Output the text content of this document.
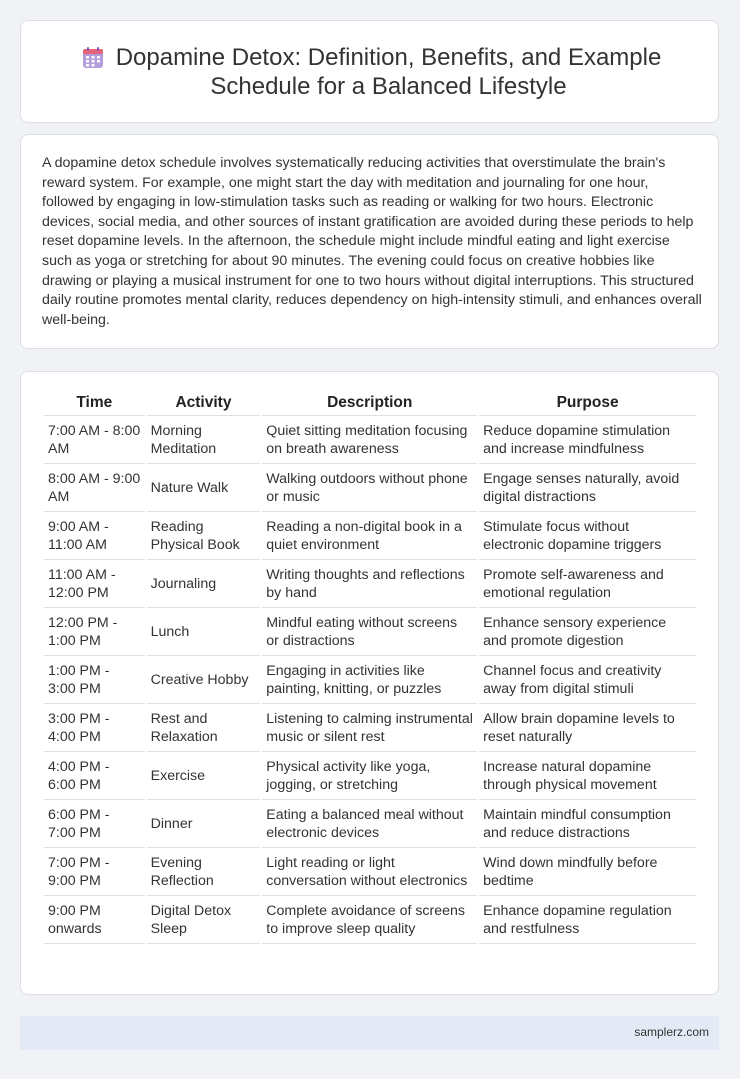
Dopamine Detox: Definition, Benefits, and Example Schedule for a Balanced Lifestyle

A dopamine detox schedule involves systematically reducing activities that overstimulate the brain's reward system. For example, one might start the day with meditation and journaling for one hour, followed by engaging in low-stimulation tasks such as reading or walking for two hours. Electronic devices, social media, and other sources of instant gratification are avoided during these periods to help reset dopamine levels. In the afternoon, the schedule might include mindful eating and light exercise such as yoga or stretching for about 90 minutes. The evening could focus on creative hobbies like drawing or playing a musical instrument for one to two hours without digital interruptions. This structured daily routine promotes mental clarity, reduces dependency on high-intensity stimuli, and enhances overall well-being.

Time	Activity	Description	Purpose
7:00 AM - 8:00 AM	Morning Meditation	Quiet sitting meditation focusing on breath awareness	Reduce dopamine stimulation and increase mindfulness
8:00 AM - 9:00 AM	Nature Walk	Walking outdoors without phone or music	Engage senses naturally, avoid digital distractions
9:00 AM - 11:00 AM	Reading Physical Book	Reading a non-digital book in a quiet environment	Stimulate focus without electronic dopamine triggers
11:00 AM - 12:00 PM	Journaling	Writing thoughts and reflections by hand	Promote self-awareness and emotional regulation
12:00 PM - 1:00 PM	Lunch	Mindful eating without screens or distractions	Enhance sensory experience and promote digestion
1:00 PM - 3:00 PM	Creative Hobby	Engaging in activities like painting, knitting, or puzzles	Channel focus and creativity away from digital stimuli
3:00 PM - 4:00 PM	Rest and Relaxation	Listening to calming instrumental music or silent rest	Allow brain dopamine levels to reset naturally
4:00 PM - 6:00 PM	Exercise	Physical activity like yoga, jogging, or stretching	Increase natural dopamine through physical movement
6:00 PM - 7:00 PM	Dinner	Eating a balanced meal without electronic devices	Maintain mindful consumption and reduce distractions
7:00 PM - 9:00 PM	Evening Reflection	Light reading or light conversation without electronics	Wind down mindfully before bedtime
9:00 PM onwards	Digital Detox Sleep	Complete avoidance of screens to improve sleep quality	Enhance dopamine regulation and restfulness
samplerz.com
